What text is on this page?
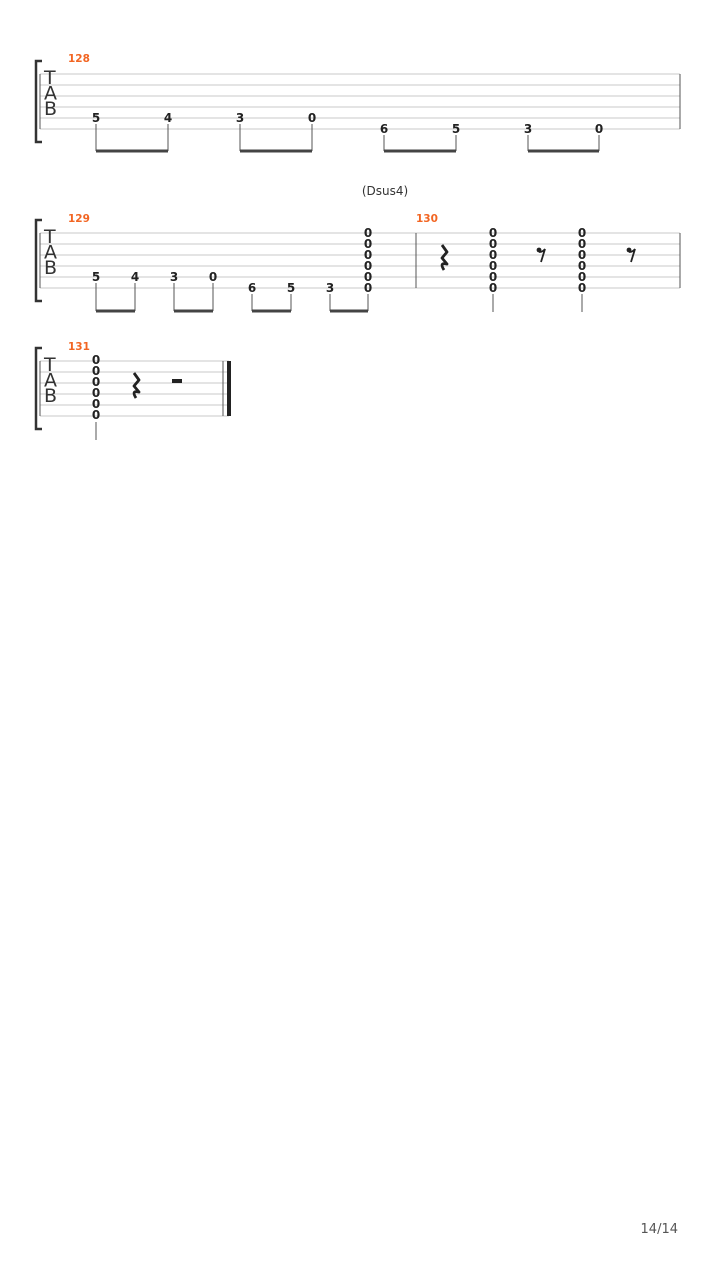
T
A
B
128
5	4	3	0
6	5	3	0
T
A
B
(Dsus4)
129	130
5	4	3	0
6	5	3
0
0
0
0
0
0
0
0
0
0
0
0
0
0
0
0
0
0
T
A
B
131
0
0
0
0
0
0
14/14
